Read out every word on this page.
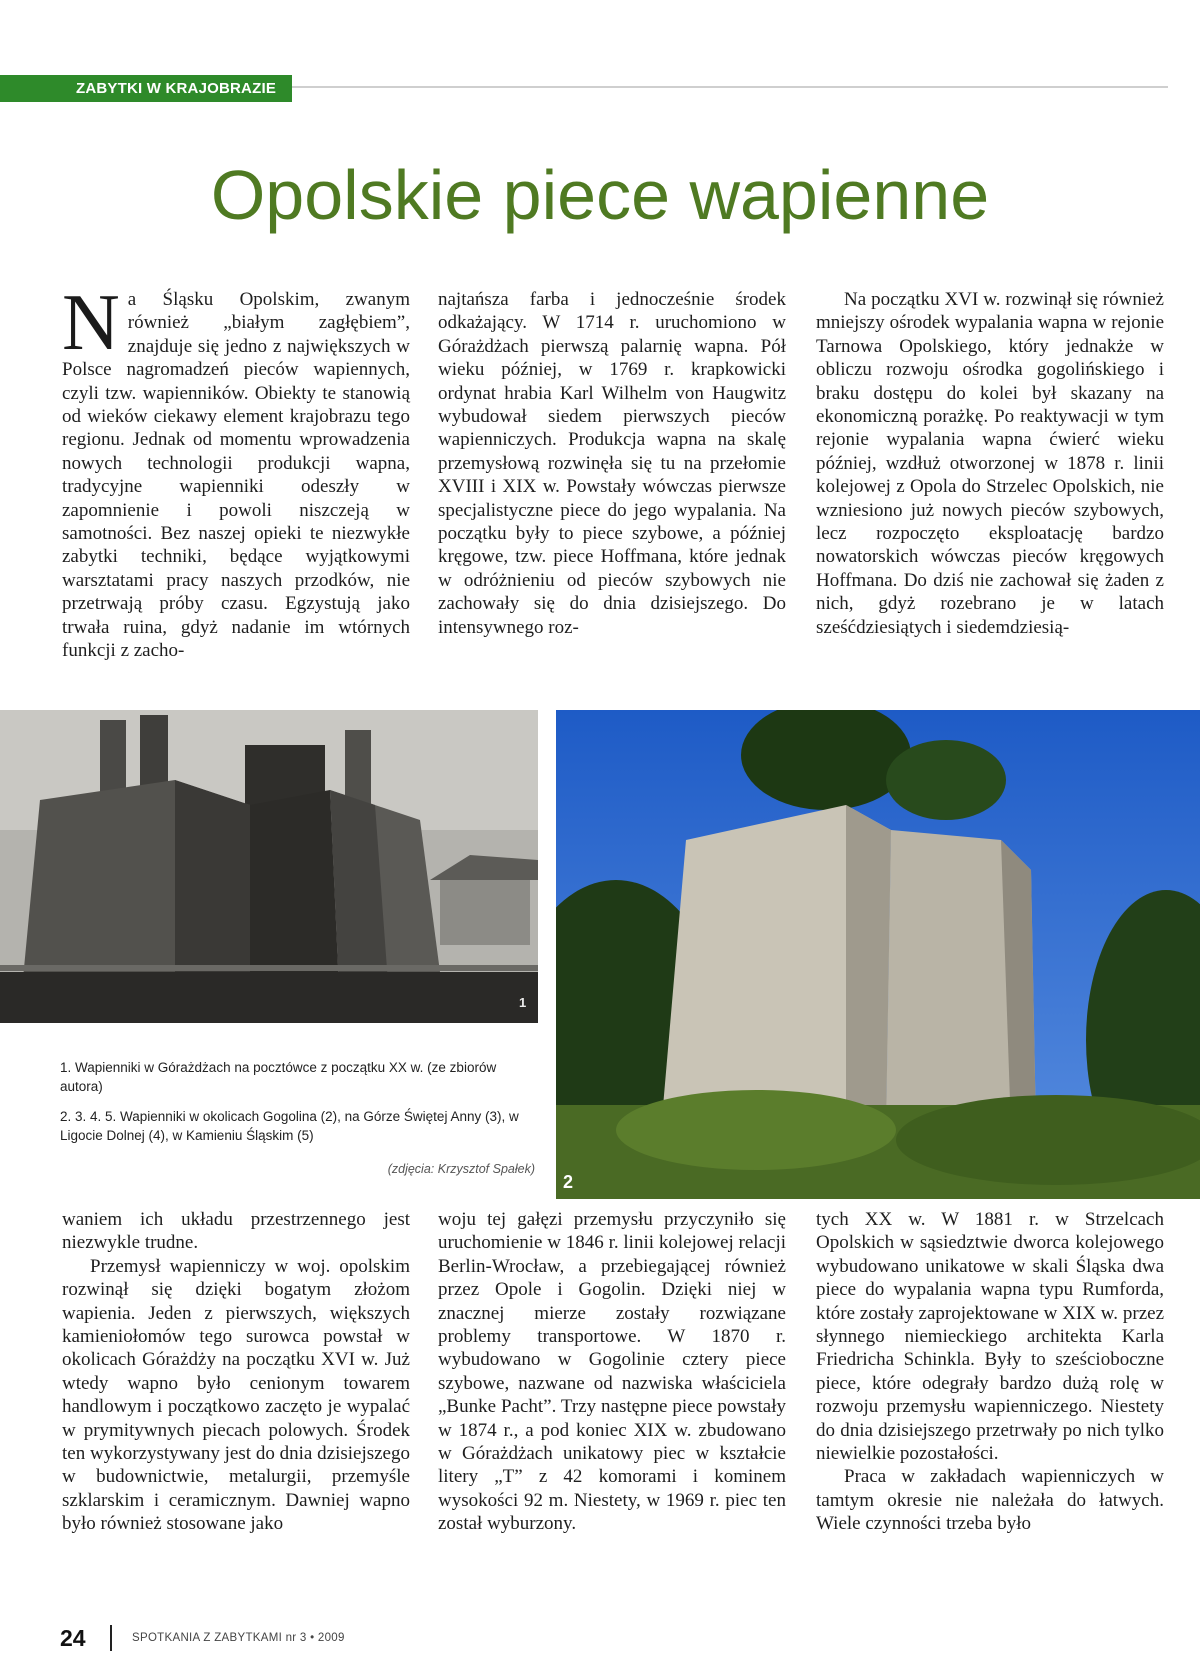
ZABYTKI W KRAJOBRAZIE
Opolskie piece wapienne

Na Śląsku Opolskim, zwanym również „białym zagłębiem”, znajduje się jedno z największych w Polsce nagromadzeń pieców wapiennych, czyli tzw. wapienników. Obiekty te stanowią od wieków ciekawy element krajobrazu tego regionu. Jednak od momentu wprowadzenia nowych technologii produkcji wapna, tradycyjne wapienniki odeszły w zapomnienie i powoli niszczeją w samotności. Bez naszej opieki te niezwykłe zabytki techniki, będące wyjątkowymi warsztatami pracy naszych przodków, nie przetrwają próby czasu. Egzystują jako trwała ruina, gdyż nadanie im wtórnych funkcji z zacho-

najtańsza farba i jednocześnie środek odkażający. W 1714 r. uruchomiono w Górażdżach pierwszą palarnię wapna. Pół wieku później, w 1769 r. krapkowicki ordynat hrabia Karl Wilhelm von Haugwitz wybudował siedem pierwszych pieców wapienniczych. Produkcja wapna na skalę przemysłową rozwinęła się tu na przełomie XVIII i XIX w. Powstały wówczas pierwsze specjalistyczne piece do jego wypalania. Na początku były to piece szybowe, a później kręgowe, tzw. piece Hoffmana, które jednak w odróżnieniu od pieców szybowych nie zachowały się do dnia dzisiejszego. Do intensywnego roz-

Na początku XVI w. rozwinął się również mniejszy ośrodek wypalania wapna w rejonie Tarnowa Opolskiego, który jednakże w obliczu rozwoju ośrodka gogolińskiego i braku dostępu do kolei był skazany na ekonomiczną porażkę. Po reaktywacji w tym rejonie wypalania wapna ćwierć wieku później, wzdłuż otworzonej w 1878 r. linii kolejowej z Opola do Strzelec Opolskich, nie wzniesiono już nowych pieców szybowych, lecz rozpoczęto eksploatację bardzo nowatorskich wówczas pieców kręgowych Hoffmana. Do dziś nie zachował się żaden z nich, gdyż rozebrano je w latach sześćdziesiątych i siedemdziesią-

1
2
1. Wapienniki w Górażdżach na pocztówce z początku XX w. (ze zbiorów autora)
2. 3. 4. 5. Wapienniki w okolicach Gogolina (2), na Górze Świętej Anny (3), w Ligocie Dolnej (4), w Kamieniu Śląskim (5)
(zdjęcia: Krzysztof Spałek)

waniem ich układu przestrzennego jest niezwykle trudne.

Przemysł wapienniczy w woj. opolskim rozwinął się dzięki bogatym złożom wapienia. Jeden z pierwszych, większych kamieniołomów tego surowca powstał w okolicach Górażdży na początku XVI w. Już wtedy wapno było cenionym towarem handlowym i początkowo zaczęto je wypalać w prymitywnych piecach polowych. Środek ten wykorzystywany jest do dnia dzisiejszego w budownictwie, metalurgii, przemyśle szklarskim i ceramicznym. Dawniej wapno było również stosowane jako

woju tej gałęzi przemysłu przyczyniło się uruchomienie w 1846 r. linii kolejowej relacji Berlin-Wrocław, a przebiegającej również przez Opole i Gogolin. Dzięki niej w znacznej mierze zostały rozwiązane problemy transportowe. W 1870 r. wybudowano w Gogolinie cztery piece szybowe, nazwane od nazwiska właściciela „Bunke Pacht”. Trzy następne piece powstały w 1874 r., a pod koniec XIX w. zbudowano w Górażdżach unikatowy piec w kształcie litery „T” z 42 komorami i kominem wysokości 92 m. Niestety, w 1969 r. piec ten został wyburzony.

tych XX w. W 1881 r. w Strzelcach Opolskich w sąsiedztwie dworca kolejowego wybudowano unikatowe w skali Śląska dwa piece do wypalania wapna typu Rumforda, które zostały zaprojektowane w XIX w. przez słynnego niemieckiego architekta Karla Friedricha Schinkla. Były to sześcioboczne piece, które odegrały bardzo dużą rolę w rozwoju przemysłu wapienniczego. Niestety do dnia dzisiejszego przetrwały po nich tylko niewielkie pozostałości.

Praca w zakładach wapienniczych w tamtym okresie nie należała do łatwych. Wiele czynności trzeba było

24	SPOTKANIA Z ZABYTKAMI nr 3 • 2009
